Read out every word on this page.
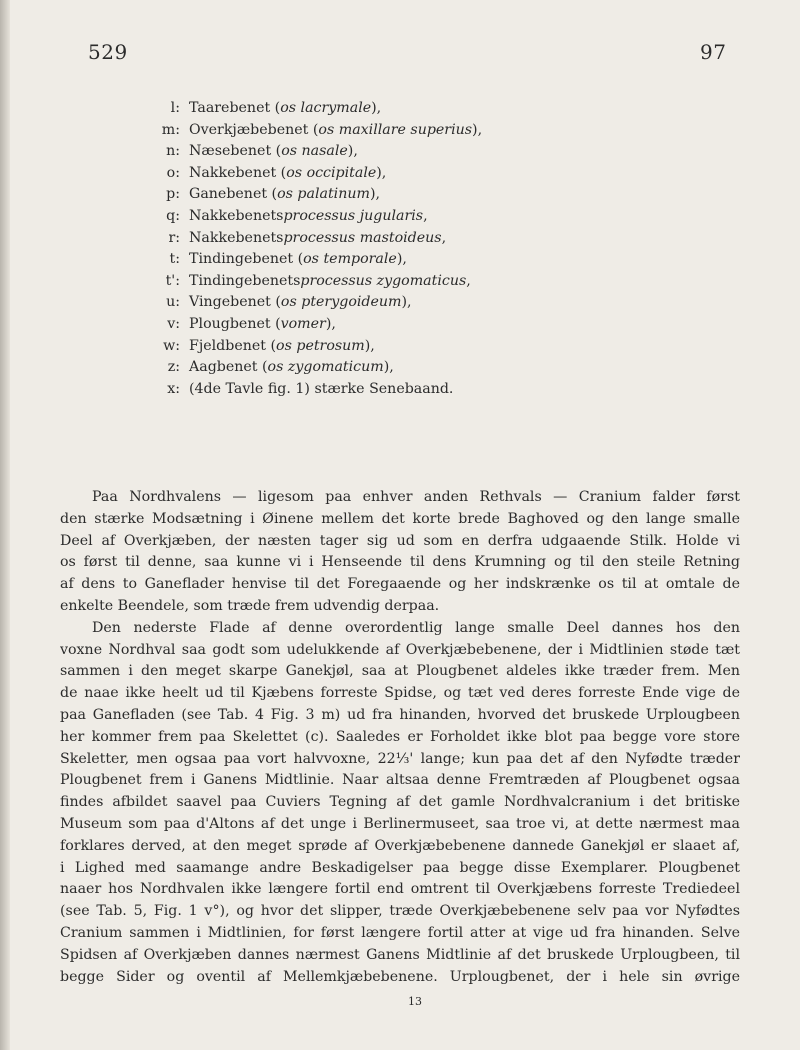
529	97
l: Taarebenet ( os lacrymale ),
m: Overkjæbebenet ( os maxillare superius ),
n: Næsebenet ( os nasale ),
o: Nakkebenet ( os occipitale ),
p: Ganebenet ( os palatinum ),
q: Nakkebenets processus jugularis ,
r: Nakkebenets processus mastoideus ,
t: Tindingebenet ( os temporale ),
t': Tindingebenets processus zygomaticus ,
u: Vingebenet ( os pterygoideum ),
v: Plougbenet ( vomer ),
w: Fjeldbenet ( os petrosum ),
z: Aagbenet ( os zygomaticum ),
x: (4de Tavle fig. 1) stærke Senebaand.

Paa Nordhvalens — ligesom paa enhver anden Rethvals — Cranium falder først

den stærke Modsætning i Øinene mellem det korte brede Baghoved og den lange smalle

Deel af Overkjæben, der næsten tager sig ud som en derfra udgaaende Stilk. Holde vi

os først til denne, saa kunne vi i Henseende til dens Krumning og til den steile Retning

af dens to Ganeflader henvise til det Foregaaende og her indskrænke os til at omtale de

enkelte Beendele, som træde frem udvendig derpaa.

Den nederste Flade af denne overordentlig lange smalle Deel dannes hos den

voxne Nordhval saa godt som udelukkende af Overkjæbebenene, der i Midtlinien støde tæt

sammen i den meget skarpe Ganekjøl, saa at Plougbenet aldeles ikke træder frem. Men

de naae ikke heelt ud til Kjæbens forreste Spidse, og tæt ved deres forreste Ende vige de

paa Ganefladen (see Tab. 4 Fig. 3 m) ud fra hinanden, hvorved det bruskede Urplougbeen

her kommer frem paa Skelettet (c). Saaledes er Forholdet ikke blot paa begge vore store

Skeletter, men ogsaa paa vort halvvoxne, 22⅓' lange; kun paa det af den Nyfødte træder

Plougbenet frem i Ganens Midtlinie. Naar altsaa denne Fremtræden af Plougbenet ogsaa

findes afbildet saavel paa Cuviers Tegning af det gamle Nordhvalcranium i det britiske

Museum som paa d'Altons af det unge i Berlinermuseet, saa troe vi, at dette nærmest maa

forklares derved, at den meget sprøde af Overkjæbebenene dannede Ganekjøl er slaaet af,

i Lighed med saamange andre Beskadigelser paa begge disse Exemplarer. Plougbenet

naaer hos Nordhvalen ikke længere fortil end omtrent til Overkjæbens forreste Trediedeel

(see Tab. 5, Fig. 1 v°), og hvor det slipper, træde Overkjæbebenene selv paa vor Nyfødtes

Cranium sammen i Midtlinien, for først længere fortil atter at vige ud fra hinanden. Selve

Spidsen af Overkjæben dannes nærmest Ganens Midtlinie af det bruskede Urplougbeen, til

begge Sider og oventil af Mellemkjæbebenene. Urplougbenet, der i hele sin øvrige

13
